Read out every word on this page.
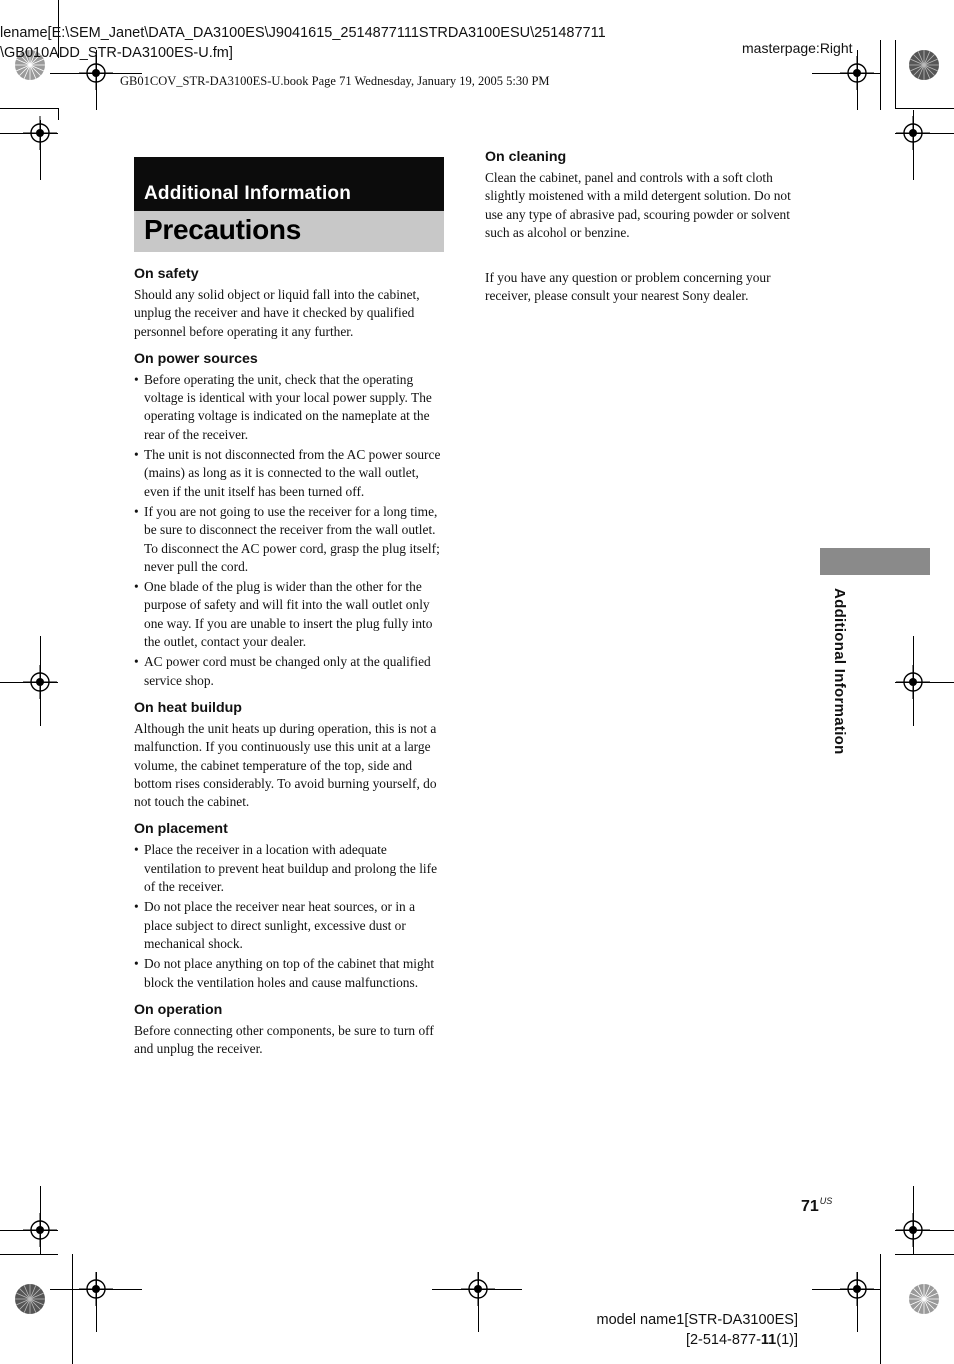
lename[E:\SEM_Janet\DATA_DA3100ES\J9041615_2514877111STRDA3100ESU\251487711
\GB010ADD_STR-DA3100ES-U.fm]	masterpage:Right
GB01COV_STR-DA3100ES-U.book Page 71 Wednesday, January 19, 2005 5:30 PM
Additional Information
Precautions
On safety

Should any solid object or liquid fall into the cabinet, unplug the receiver and have it checked by qualified personnel before operating it any further.

On power sources
• Before operating the unit, check that the operating voltage is identical with your local power supply. The operating voltage is indicated on the nameplate at the rear of the receiver.
• The unit is not disconnected from the AC power source (mains) as long as it is connected to the wall outlet, even if the unit itself has been turned off.
• If you are not going to use the receiver for a long time, be sure to disconnect the receiver from the wall outlet. To disconnect the AC power cord, grasp the plug itself; never pull the cord.
• One blade of the plug is wider than the other for the purpose of safety and will fit into the wall outlet only one way. If you are unable to insert the plug fully into the outlet, contact your dealer.
• AC power cord must be changed only at the qualified service shop.
On heat buildup

Although the unit heats up during operation, this is not a malfunction. If you continuously use this unit at a large volume, the cabinet temperature of the top, side and bottom rises considerably. To avoid burning yourself, do not touch the cabinet.

On placement
• Place the receiver in a location with adequate ventilation to prevent heat buildup and prolong the life of the receiver.
• Do not place the receiver near heat sources, or in a place subject to direct sunlight, excessive dust or mechanical shock.
• Do not place anything on top of the cabinet that might block the ventilation holes and cause malfunctions.
On operation

Before connecting other components, be sure to turn off and unplug the receiver.

On cleaning

Clean the cabinet, panel and controls with a soft cloth slightly moistened with a mild detergent solution. Do not use any type of abrasive pad, scouring powder or solvent such as alcohol or benzine.

If you have any question or problem concerning your receiver, please consult your nearest Sony dealer.

Additional Information
$71^{US}$
model name1[STR-DA3100ES]
[2-514-877-11(1)]
